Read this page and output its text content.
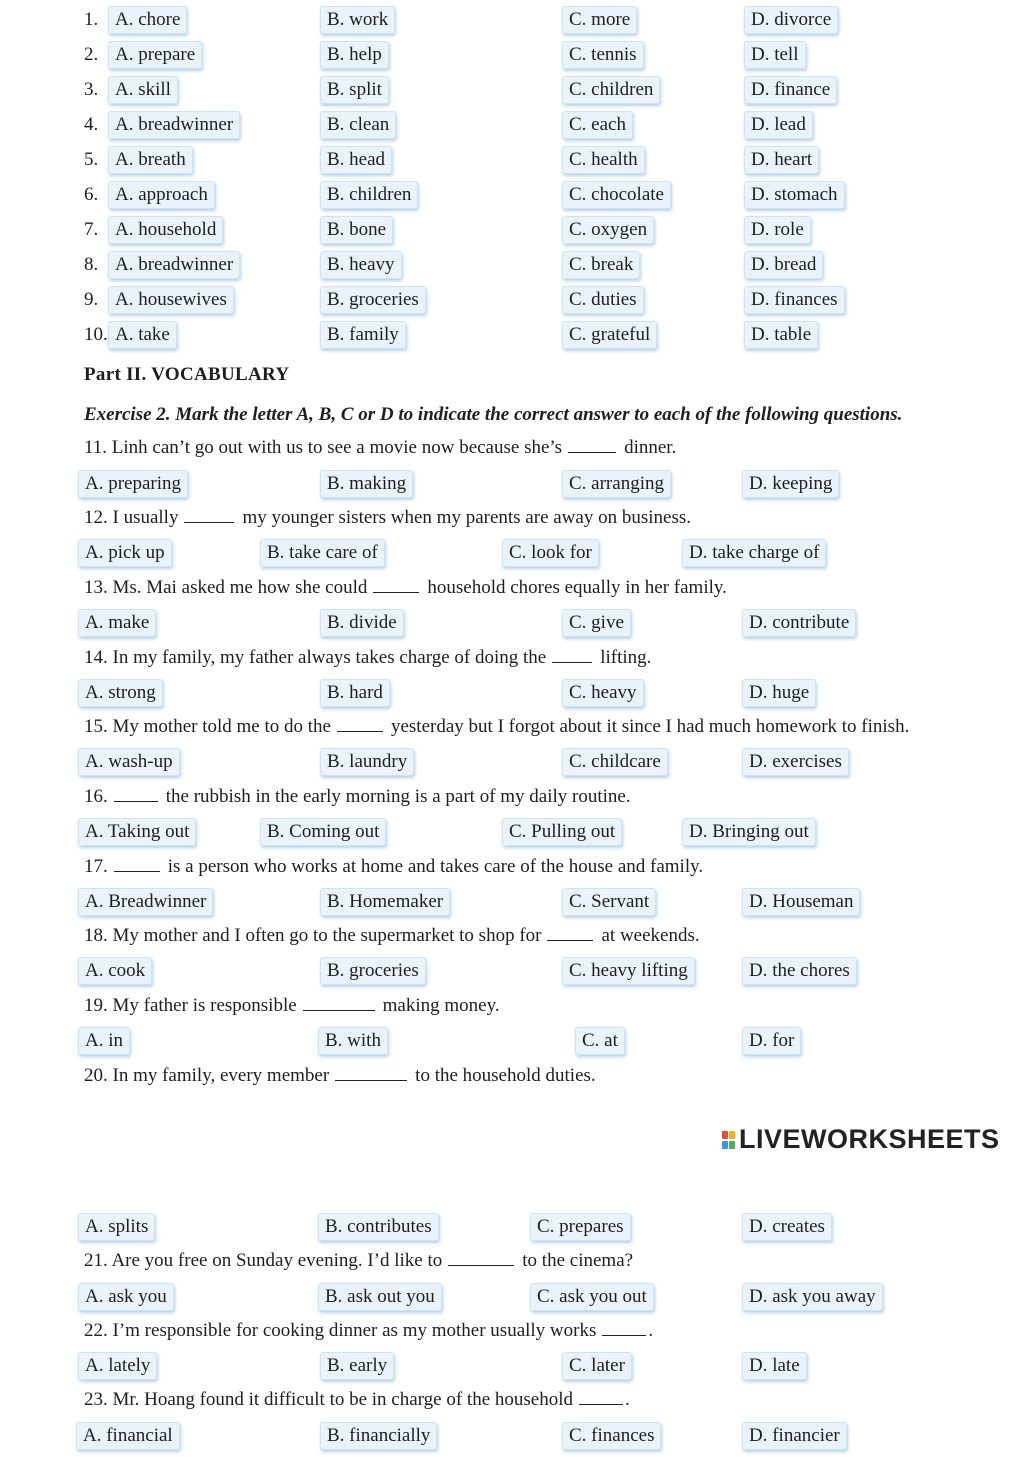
1. A. chore	B. work	C. more	D. divorce
2. A. prepare	B. help	C. tennis	D. tell
3. A. skill	B. split	C. children	D. finance
4. A. breadwinner	B. clean	C. each	D. lead
5. A. breath	B. head	C. health	D. heart
6. A. approach	B. children	C. chocolate	D. stomach
7. A. household	B. bone	C. oxygen	D. role
8. A. breadwinner	B. heavy	C. break	D. bread
9. A. housewives	B. groceries	C. duties	D. finances
10. A. take	B. family	C. grateful	D. table
Part II. VOCABULARY
Exercise 2. Mark the letter A, B, C or D to indicate the correct answer to each of the following questions.
11. Linh can’t go out with us to see a movie now because she’s	dinner.
A. preparing	B. making	C. arranging	D. keeping
12. I usually	my younger sisters when my parents are away on business.
A. pick up	B. take care of	C. look for	D. take charge of
13. Ms. Mai asked me how she could	household chores equally in her family.
A. make	B. divide	C. give	D. contribute
14. In my family, my father always takes charge of doing the	lifting.
A. strong	B. hard	C. heavy	D. huge
15. My mother told me to do the	yesterday but I forgot about it since I had much homework to finish.
A. wash-up	B. laundry	C. childcare	D. exercises
16.	the rubbish in the early morning is a part of my daily routine.
A. Taking out	B. Coming out	C. Pulling out	D. Bringing out
17.	is a person who works at home and takes care of the house and family.
A. Breadwinner	B. Homemaker	C. Servant	D. Houseman
18. My mother and I often go to the supermarket to shop for	at weekends.
A. cook	B. groceries	C. heavy lifting	D. the chores
19. My father is responsible	making money.
A. in	B. with	C. at	D. for
20. In my family, every member	to the household duties.
A. splits	B. contributes	C. prepares	D. creates
21. Are you free on Sunday evening. I’d like to	to the cinema?
A. ask you	B. ask out you	C. ask you out	D. ask you away
22. I’m responsible for cooking dinner as my mother usually works	.
A. lately	B. early	C. later	D. late
23. Mr. Hoang found it difficult to be in charge of the household	.
A. financial	B. financially	C. finances	D. financier
LIVEWORKSHEETS
